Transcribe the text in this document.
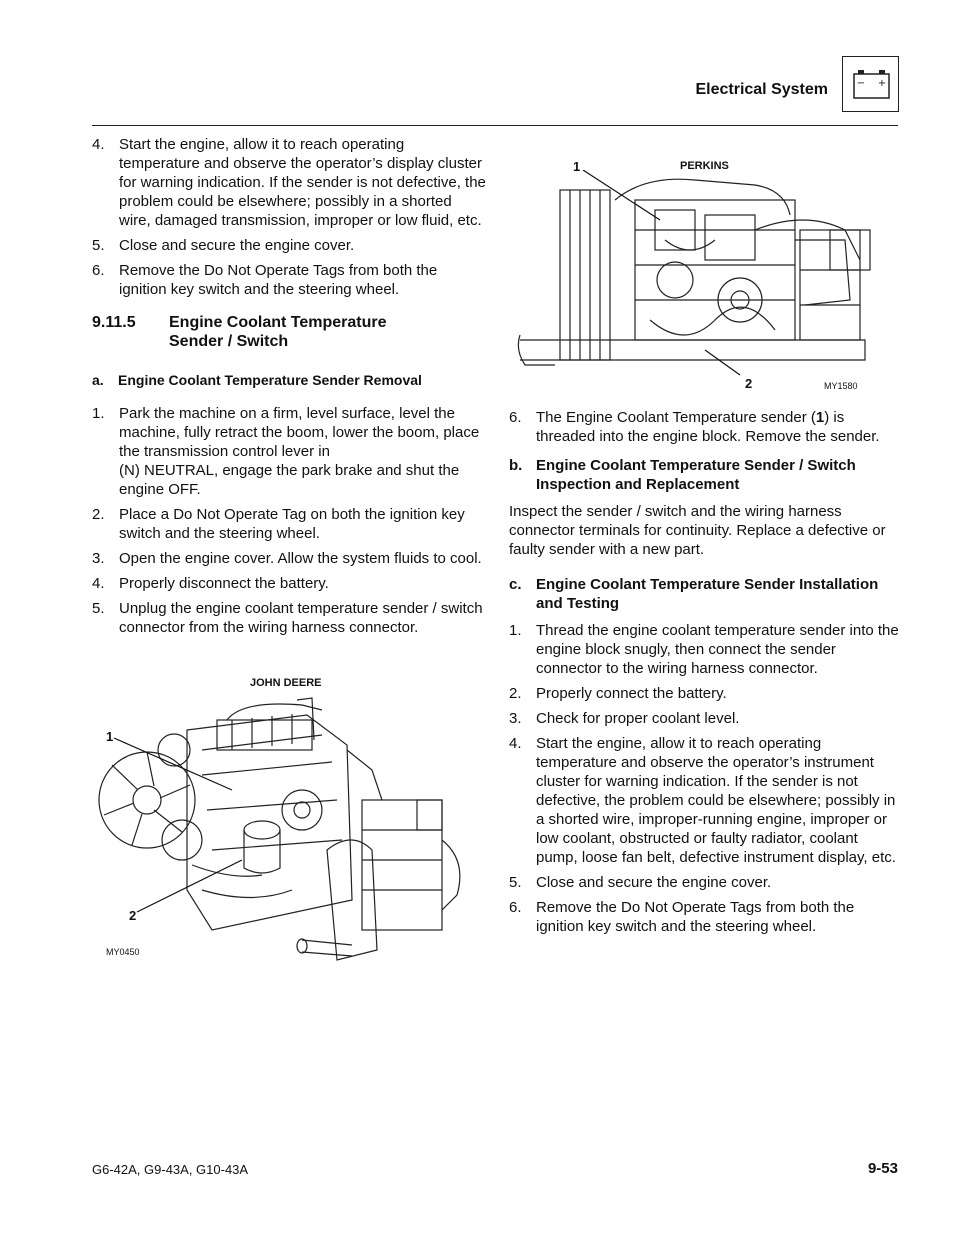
Electrical System	− +
4. Start the engine, allow it to reach operating temperature and observe the operator’s display cluster for warning indication. If the sender is not defective, the problem could be elsewhere; possibly in a shorted wire, damaged transmission, improper or low fluid, etc.
5. Close and secure the engine cover.
6. Remove the Do Not Operate Tags from both the ignition key switch and the steering wheel.
9.11.5	Engine Coolant Temperature
Sender / Switch
a.	Engine Coolant Temperature Sender Removal
1. Park the machine on a firm, level surface, level the machine, fully retract the boom, lower the boom, place the transmission control lever in
(N) NEUTRAL, engage the park brake and shut the engine OFF.
2. Place a Do Not Operate Tag on both the ignition key switch and the steering wheel.
3. Open the engine cover. Allow the system fluids to cool.
4. Properly disconnect the battery.
5. Unplug the engine coolant temperature sender / switch connector from the wiring harness connector.
JOHN DEERE
1
2
MY0450
PERKINS
1
2	MY1580
6. The Engine Coolant Temperature sender (1) is threaded into the engine block. Remove the sender.
b. Engine Coolant Temperature Sender / Switch Inspection and Replacement

Inspect the sender / switch and the wiring harness connector terminals for continuity. Replace a defective or faulty sender with a new part.

c. Engine Coolant Temperature Sender Installation and Testing
1. Thread the engine coolant temperature sender into the engine block snugly, then connect the sender connector to the wiring harness connector.
2. Properly connect the battery.
3. Check for proper coolant level.
4. Start the engine, allow it to reach operating temperature and observe the operator’s instrument cluster for warning indication. If the sender is not defective, the problem could be elsewhere; possibly in a shorted wire, improper-running engine, improper or low coolant, obstructed or faulty radiator, coolant pump, loose fan belt, defective instrument display, etc.
5. Close and secure the engine cover.
6. Remove the Do Not Operate Tags from both the ignition key switch and the steering wheel.
G6-42A, G9-43A, G10-43A	9-53
